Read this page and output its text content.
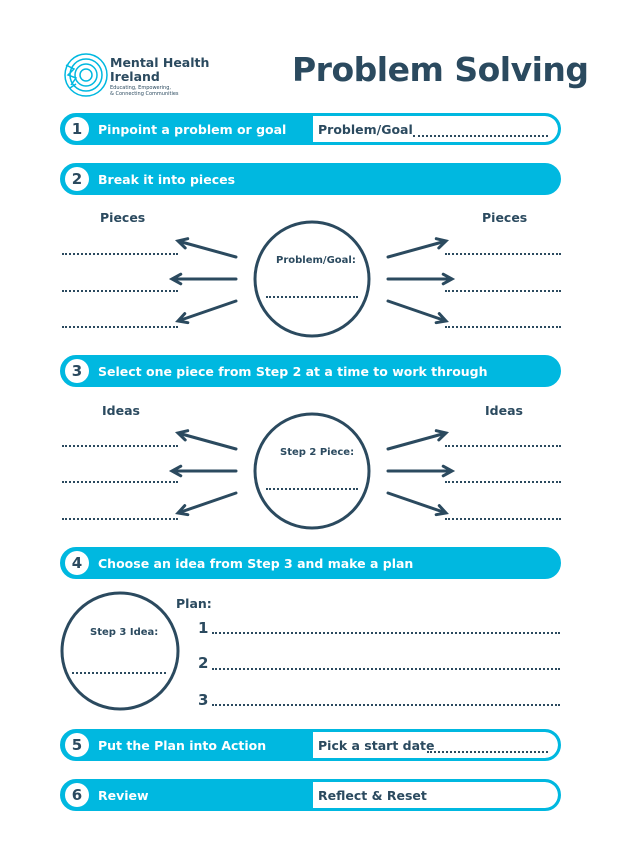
Mental Health
Ireland
Educating, Empowering,
& Connecting Communities
Problem Solving
1	Pinpoint a problem or goal	Problem/Goal
2	Break it into pieces
Pieces	Pieces
Problem/Goal:
3	Select one piece from Step 2 at a time to work through
Ideas	Ideas
Step 2 Piece:
4	Choose an idea from Step 3 and make a plan
Step 3 Idea:
Plan:
1
2
3
5	Put the Plan into Action	Pick a start date
6	Review	Reflect & Reset
